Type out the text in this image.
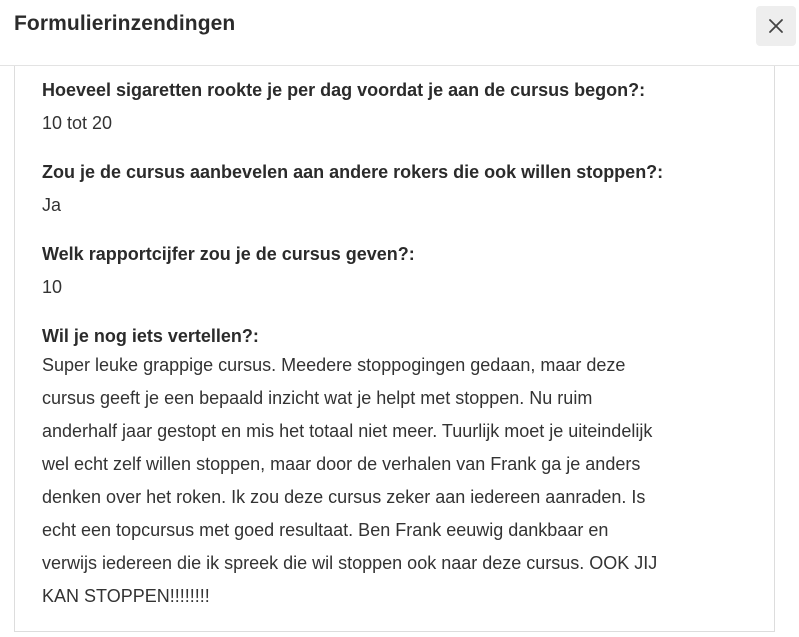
Formulierinzendingen
Hoeveel sigaretten rookte je per dag voordat je aan de cursus begon?:
10 tot 20
Zou je de cursus aanbevelen aan andere rokers die ook willen stoppen?:
Ja
Welk rapportcijfer zou je de cursus geven?:
10
Wil je nog iets vertellen?:
Super leuke grappige cursus. Meedere stoppogingen gedaan, maar deze
cursus geeft je een bepaald inzicht wat je helpt met stoppen. Nu ruim
anderhalf jaar gestopt en mis het totaal niet meer. Tuurlijk moet je uiteindelijk
wel echt zelf willen stoppen, maar door de verhalen van Frank ga je anders
denken over het roken. Ik zou deze cursus zeker aan iedereen aanraden. Is
echt een topcursus met goed resultaat. Ben Frank eeuwig dankbaar en
verwijs iedereen die ik spreek die wil stoppen ook naar deze cursus. OOK JIJ
KAN STOPPEN!!!!!!!!
